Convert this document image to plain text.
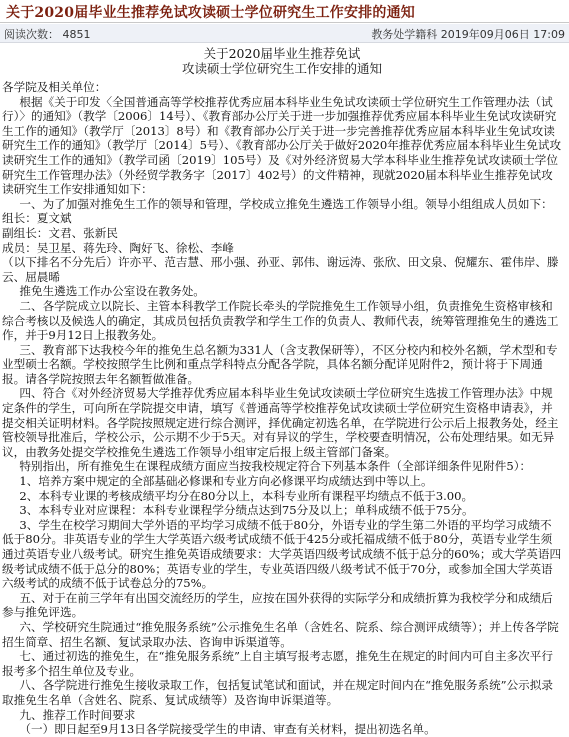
关于2020届毕业生推荐免试攻读硕士学位研究生工作安排的通知
阅读次数： 4851	教务处学籍科 2019年09月06日 17:09
关于2020届毕业生推荐免试
攻读硕士学位研究生工作安排的通知

各学院及相关单位：

根据《关于印发〈全国普通高等学校推荐优秀应届本科毕业生免试攻读硕士学位研究生工作管理办法（试行）〉的通知》（教学〔2006〕14号）、《教育部办公厅关于进一步加强推荐优秀应届本科毕业生免试攻读研究生工作的通知》（教学厅〔2013〕8号）和《教育部办公厅关于进一步完善推荐优秀应届本科毕业生免试攻读研究生工作的通知》（教学厅〔2014〕5号）、《教育部办公厅关于做好2020年推荐优秀应届本科毕业生免试攻读研究生工作的通知》（教学司函〔2019〕105号）及《对外经济贸易大学本科毕业生推荐免试攻读硕士学位研究生工作管理办法》（外经贸学教务字〔2017〕402号）的文件精神，现就2020届本科毕业生推荐免试攻读研究生工作安排通知如下：

一、为了加强对推免生工作的领导和管理，学校成立推免生遴选工作领导小组。领导小组组成人员如下：

组长：夏文斌

副组长：文君、张新民

成员：吴卫星、蒋先玲、陶好飞、徐松、李峰

（以下排名不分先后）许亦平、范吉慧、邢小强、孙亚、郭伟、谢远涛、张欣、田文泉、倪耀东、霍伟岸、滕云、屈晨晞

推免生遴选工作办公室设在教务处。

二、各学院成立以院长、主管本科教学工作院长牵头的学院推免生工作领导小组，负责推免生资格审核和综合考核以及候选人的确定，其成员包括负责教学和学生工作的负责人、教师代表，统筹管理推免生的遴选工作，并于9月12日上报教务处。

三、教育部下达我校今年的推免生总名额为331人（含支教保研等），不区分校内和校外名额，学术型和专业型硕士名额。学校按照学生比例和重点学科特点分配各学院，具体名额分配详见附件2，预计将于下周通报。请各学院按照去年名额暂做准备。

四、符合《对外经济贸易大学推荐优秀应届本科毕业生免试攻读硕士学位研究生选拔工作管理办法》中规定条件的学生，可向所在学院提交申请，填写《普通高等学校推荐免试攻读硕士学位研究生资格申请表》，并提交相关证明材料。各学院按照规定进行综合测评，择优确定初选名单，在学院进行公示后上报教务处，经主管校领导批准后，学校公示，公示期不少于5天。对有异议的学生，学校要查明情况，公布处理结果。如无异议，由教务处提交学校推免生遴选工作领导小组审定后报上级主管部门备案。

特别指出，所有推免生在课程成绩方面应当按我校规定符合下列基本条件（全部详细条件见附件5）：

1、培养方案中规定的全部基础必修课和专业方向必修课平均成绩达到中等以上。

2、本科专业课的考核成绩平均分在80分以上，本科专业所有课程平均绩点不低于3.00。

3、本科专业对应课程：本科专业课程学分绩点达到75分及以上；单科成绩不低于75分。

3、学生在校学习期间大学外语的平均学习成绩不低于80分，外语专业的学生第二外语的平均学习成绩不低于80分。非英语专业的学生大学英语六级考试成绩不低于425分或托福成绩不低于80分，英语专业学生须通过英语专业八级考试。研究生推免英语成绩要求：大学英语四级考试成绩不低于总分的60%；或大学英语四级考试成绩不低于总分的80%；英语专业的学生，专业英语四级八级考试不低于70分，或参加全国大学英语六级考试的成绩不低于试卷总分的75%。

五、对于在前三学年有出国交流经历的学生，应按在国外获得的实际学分和成绩折算为我校学分和成绩后参与推免评选。

六、学校研究生院通过“推免服务系统”公示推免生名单（含姓名、院系、综合测评成绩等）；并上传各学院招生简章、招生名额、复试录取办法、咨询申诉渠道等。

七、通过初选的推免生，在“推免服务系统”上自主填写报考志愿，推免生在规定的时间内可自主多次平行报考多个招生单位及专业。

八、各学院进行推免生接收录取工作，包括复试笔试和面试，并在规定时间内在“推免服务系统”公示拟录取推免生名单（含姓名、院系、复试成绩等）及咨询申诉渠道等。

九、推荐工作时间要求

（一）即日起至9月13日各学院接受学生的申请、审查有关材料，提出初选名单。
